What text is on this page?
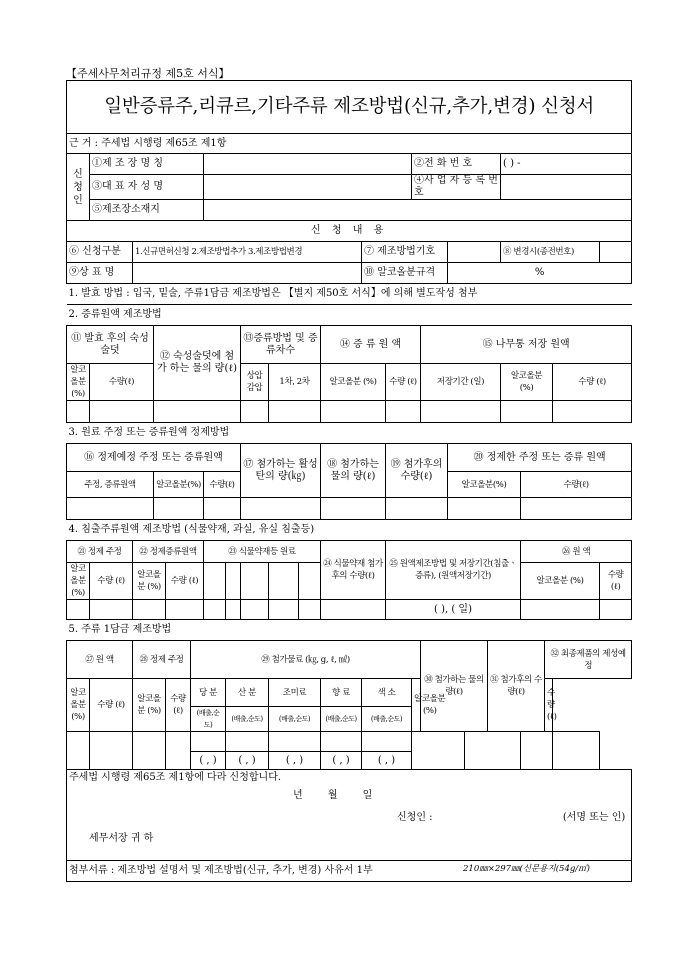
【주세사무처리규정 제5호 서식】
일반증류주,리큐르,기타주류 제조방법(신규,추가,변경) 신청서																							
근 거 : 주세법 시행령 제65조 제1항																							
신 청 인	①제 조 장 명 칭													②전 화 번 호					( ) -				
	③대 표 자 성 명													④사 업 자 등 록 번 호									
	⑤제조장소재지																						
신 청 내 용																							
⑥ 신청구분		1.신규면허신청 2.제조방법추가 3.제조방법변경										⑦ 제조방법기호							⑧ 변경시(종전번호)				
⑨상 표 명												⑩ 알코올분규격				%							
1. 발효 방법 : 입국, 밑술, 주류1담금 제조방법은 【별지 제50호 서식】에 의해 별도작성 첨부																							
2. 증류원액 제조방법																							
⑪ 발효 후의 숙성술덧			⑫ 숙성술덧에 첨가 하는 물의 량(ℓ)					⑬증류방법 및 증류차수			⑭ 증 류 원 액				⑮ 나무통 저장 원액								
알코올분 (%)	수량(ℓ)							상압 감압	1차, 2차		알코올분 (%)		수량 (ℓ)		저장기간 (일)				알코올분 (%)			수량 (ℓ)	

3. 원료 주정 또는 증류원액 정제방법																							
⑯ 정제예정 주정 또는 증류원액								⑰ 첨가하는 활성 탄의 량(㎏)			⑱ 첨가하는 물의 량(ℓ)		⑲ 첨가후의 수량(ℓ)			⑳ 정제한 주정 또는 증류 원액							
주정, 증류원액			알코올분(%)			수량(ℓ)										알코올분(%)				수량(ℓ)			

4. 침출주류원액 제조방법 (식물약재, 과실, 유실 침출등)																							
㉑ 정제 주정		㉒ 정제증류원액				㉓ 식물약재등 원료					㉔ 식물약재 첨가 후의 수량(ℓ)		㉕ 원액제조방법 및 저장기간(침출ㆍ증류), (원액저장기간)							㉖ 원 액			
알코올분 (%)	수량 (ℓ)	알코올분 (%)		수량 (ℓ)																알코올분 (%)			수량 (ℓ)
													( ), ( 일)										
5. 주류 1담금 제조방법																							
㉗ 원 액		㉘ 정제 주정			㉙ 첨가물료 (㎏, g, ℓ, ㎖)										㉚ 첨가하는 물의 량(ℓ)			㉛ 첨가후의 수량(ℓ)			㉜ 최종제품의 제성예정		
알코올분 (%)	수량 (ℓ)	알코올분 (%)		수량 (ℓ)	당 분		산 분		조미료		향 료	색 소		알코올분 (%)							수량 (ℓ)		
					(배출,순도)		(배출,순도)		(배출,순도)		(배출,순도)	(배출,순도)											

					( , )		( , )		( , )		( , )	( , )											

주세법 시행령 제65조 제1항에 다라 신청합니다.
년 월 일
신청인 : (서명 또는 인)
세무서장 귀 하																							

첨부서류 : 제조방법 설명서 및 제조방법(신규, 추가, 변경) 사유서 1부																								210㎜×297㎜(신문용지(54g/㎡)
